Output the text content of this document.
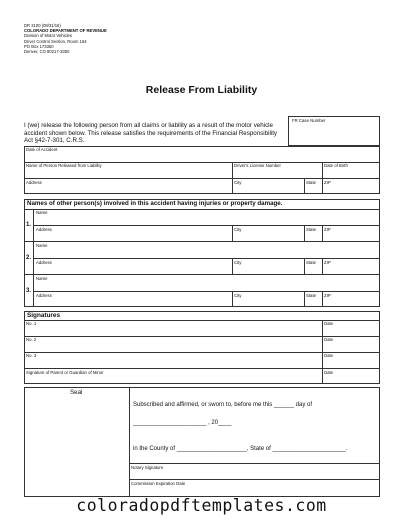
DR 2100 (08/31/16)
COLORADO DEPARTMENT OF REVENUE
Division of Motor Vehicles
Driver Control Section, Room 164
PO Box 173350
Denver, CO 80217-3350
Release From Liability
I (we) release the following person from all claims or liability as a result of the motor vehicle accident shown below. This release satisfies the requirements of the Financial Responsibility Act §42-7-301, C.R.S.
FR Case Number
Date of Accident
Name of Person Released from Liability	Driver's License Number	Date of Birth
Address	City	State ZIP
Names of other person(s) involved in this accident having injuries or property damage.
1.
Name
Address	City	State ZIP
2.
Name
Address	City	State ZIP
3.
Name
Address	City	State ZIP
Signatures
No. 1	Date
No. 2	Date
No. 3	Date
Signature of Parent or Guardian of Minor	Date
Seal
Subscribed and affirmed, or sworn to, before me this ______ day of
______________________ , 20____
in the County of _____________________, State of ______________________.
Notary Signature
Commission Expiration Date
coloradopdftemplates.com
